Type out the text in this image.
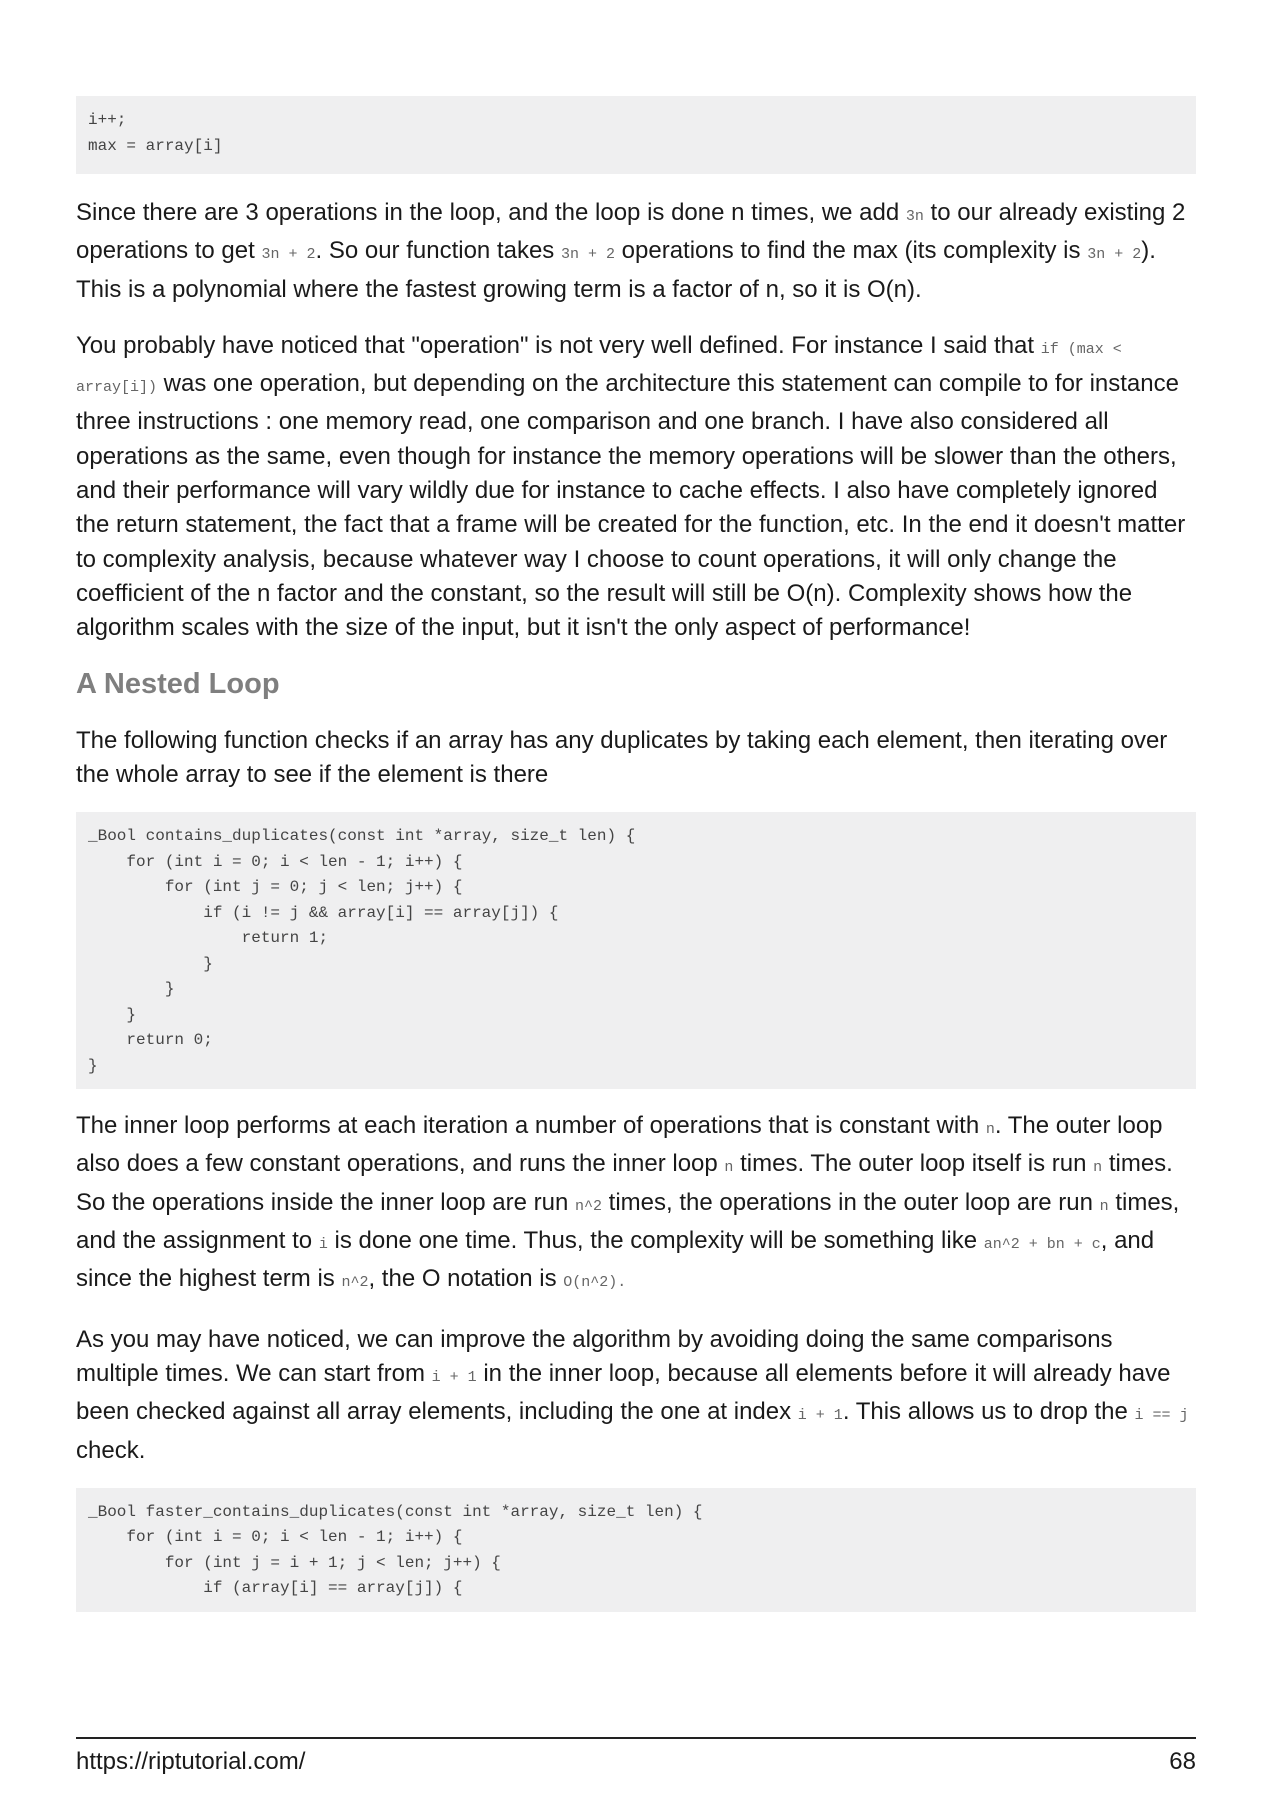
i++;
max = array[i]

Since there are 3 operations in the loop, and the loop is done n times, we add 3n to our already existing 2 operations to get 3n + 2. So our function takes 3n + 2 operations to find the max (its complexity is 3n + 2). This is a polynomial where the fastest growing term is a factor of n, so it is O(n).

You probably have noticed that "operation" is not very well defined. For instance I said that if (max < array[i]) was one operation, but depending on the architecture this statement can compile to for instance three instructions : one memory read, one comparison and one branch. I have also considered all operations as the same, even though for instance the memory operations will be slower than the others, and their performance will vary wildly due for instance to cache effects. I also have completely ignored the return statement, the fact that a frame will be created for the function, etc. In the end it doesn't matter to complexity analysis, because whatever way I choose to count operations, it will only change the coefficient of the n factor and the constant, so the result will still be O(n). Complexity shows how the algorithm scales with the size of the input, but it isn't the only aspect of performance!

A Nested Loop

The following function checks if an array has any duplicates by taking each element, then iterating over the whole array to see if the element is there

_Bool contains_duplicates(const int *array, size_t len) {
for (int i = 0; i < len - 1; i++) {
for (int j = 0; j < len; j++) {
if (i != j && array[i] == array[j]) {
return 1;
}
}
}
return 0;
}

The inner loop performs at each iteration a number of operations that is constant with n. The outer loop also does a few constant operations, and runs the inner loop n times. The outer loop itself is run n times. So the operations inside the inner loop are run n^2 times, the operations in the outer loop are run n times, and the assignment to i is done one time. Thus, the complexity will be something like an^2 + bn + c, and since the highest term is n^2, the O notation is O(n^2).

As you may have noticed, we can improve the algorithm by avoiding doing the same comparisons multiple times. We can start from i + 1 in the inner loop, because all elements before it will already have been checked against all array elements, including the one at index i + 1. This allows us to drop the i == j check.

_Bool faster_contains_duplicates(const int *array, size_t len) {
for (int i = 0; i < len - 1; i++) {
for (int j = i + 1; j < len; j++) {
if (array[i] == array[j]) {
https://riptutorial.com/	68
